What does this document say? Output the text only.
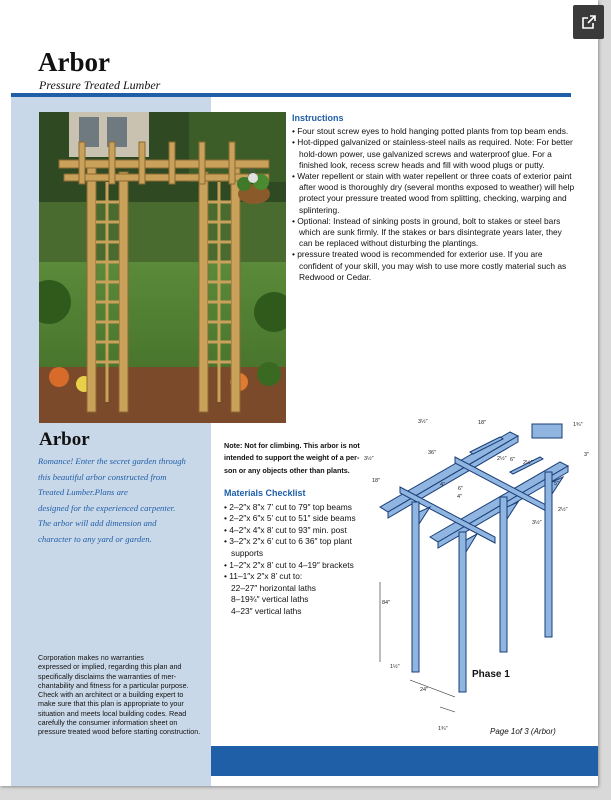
Arbor
Pressure Treated Lumber
Instructions
• Four stout screw eyes to hold hanging potted plants from top beam ends.
• Hot-dipped galvanized or stainless-steel nails as required. Note: For better hold-down power, use galvanized screws and waterproof glue. For a finished look, recess screw heads and fill with wood plugs or putty.
• Water repellent or stain with water repellent or three coats of exterior paint after wood is thoroughly dry (several months exposed to weather) will help protect your pressure treated wood from splitting, checking, warping and splintering.
• Optional: Instead of sinking posts in ground, bolt to stakes or steel bars which are sunk firmly. If the stakes or bars disintegrate years later, they can be replaced without disturbing the plantings.
• pressure treated wood is recommended for exterior use. If you are confident of your skill, you may wish to use more costly material such as Redwood or Cedar.
Arbor
Romance! Enter the secret garden through
this beautiful arbor constructed from
Treated Lumber.Plans are
designed for the experienced carpenter.
The arbor will add dimension and
character to any yard or garden.
Corporation makes no warranties
expressed or implied, regarding this plan and
specifically disclaims the warranties of mer-
chantability and fitness for a particular purpose.
Check with an architect or a building expert to
make sure that this plan is appropriate to your
situation and meets local building codes. Read
carefully the consumer information sheet on
pressure treated wood before starting construction.
Note: Not for climbing. This arbor is not
intended to support the weight of a per-
son or any objects other than plants.
Materials Checklist
• 2–2″x 8″x 7’ cut to 79″ top beams
• 2–2″x 6″x 5’ cut to 51″ side beams
• 4–2″x 4″x 8’ cut to 93″ min. post
• 3–2″x 2″x 6’ cut to 6 36″ top plant supports
• 1–2″x 2″x 8’ cut to 4–19″ brackets
• 11–1″x 2″x 8’ cut to:
22–27″ horizontal laths
8–19¾″ vertical laths
4–23″ vertical laths
3½″	18″	1¾″
3½″
36″
2½″ 6″ 2½″
3″
18″
4″
6″
4″
5″
2½″
3½″
84″
1½″
24″
1¾″
Phase 1
Page 1of 3 (Arbor)
